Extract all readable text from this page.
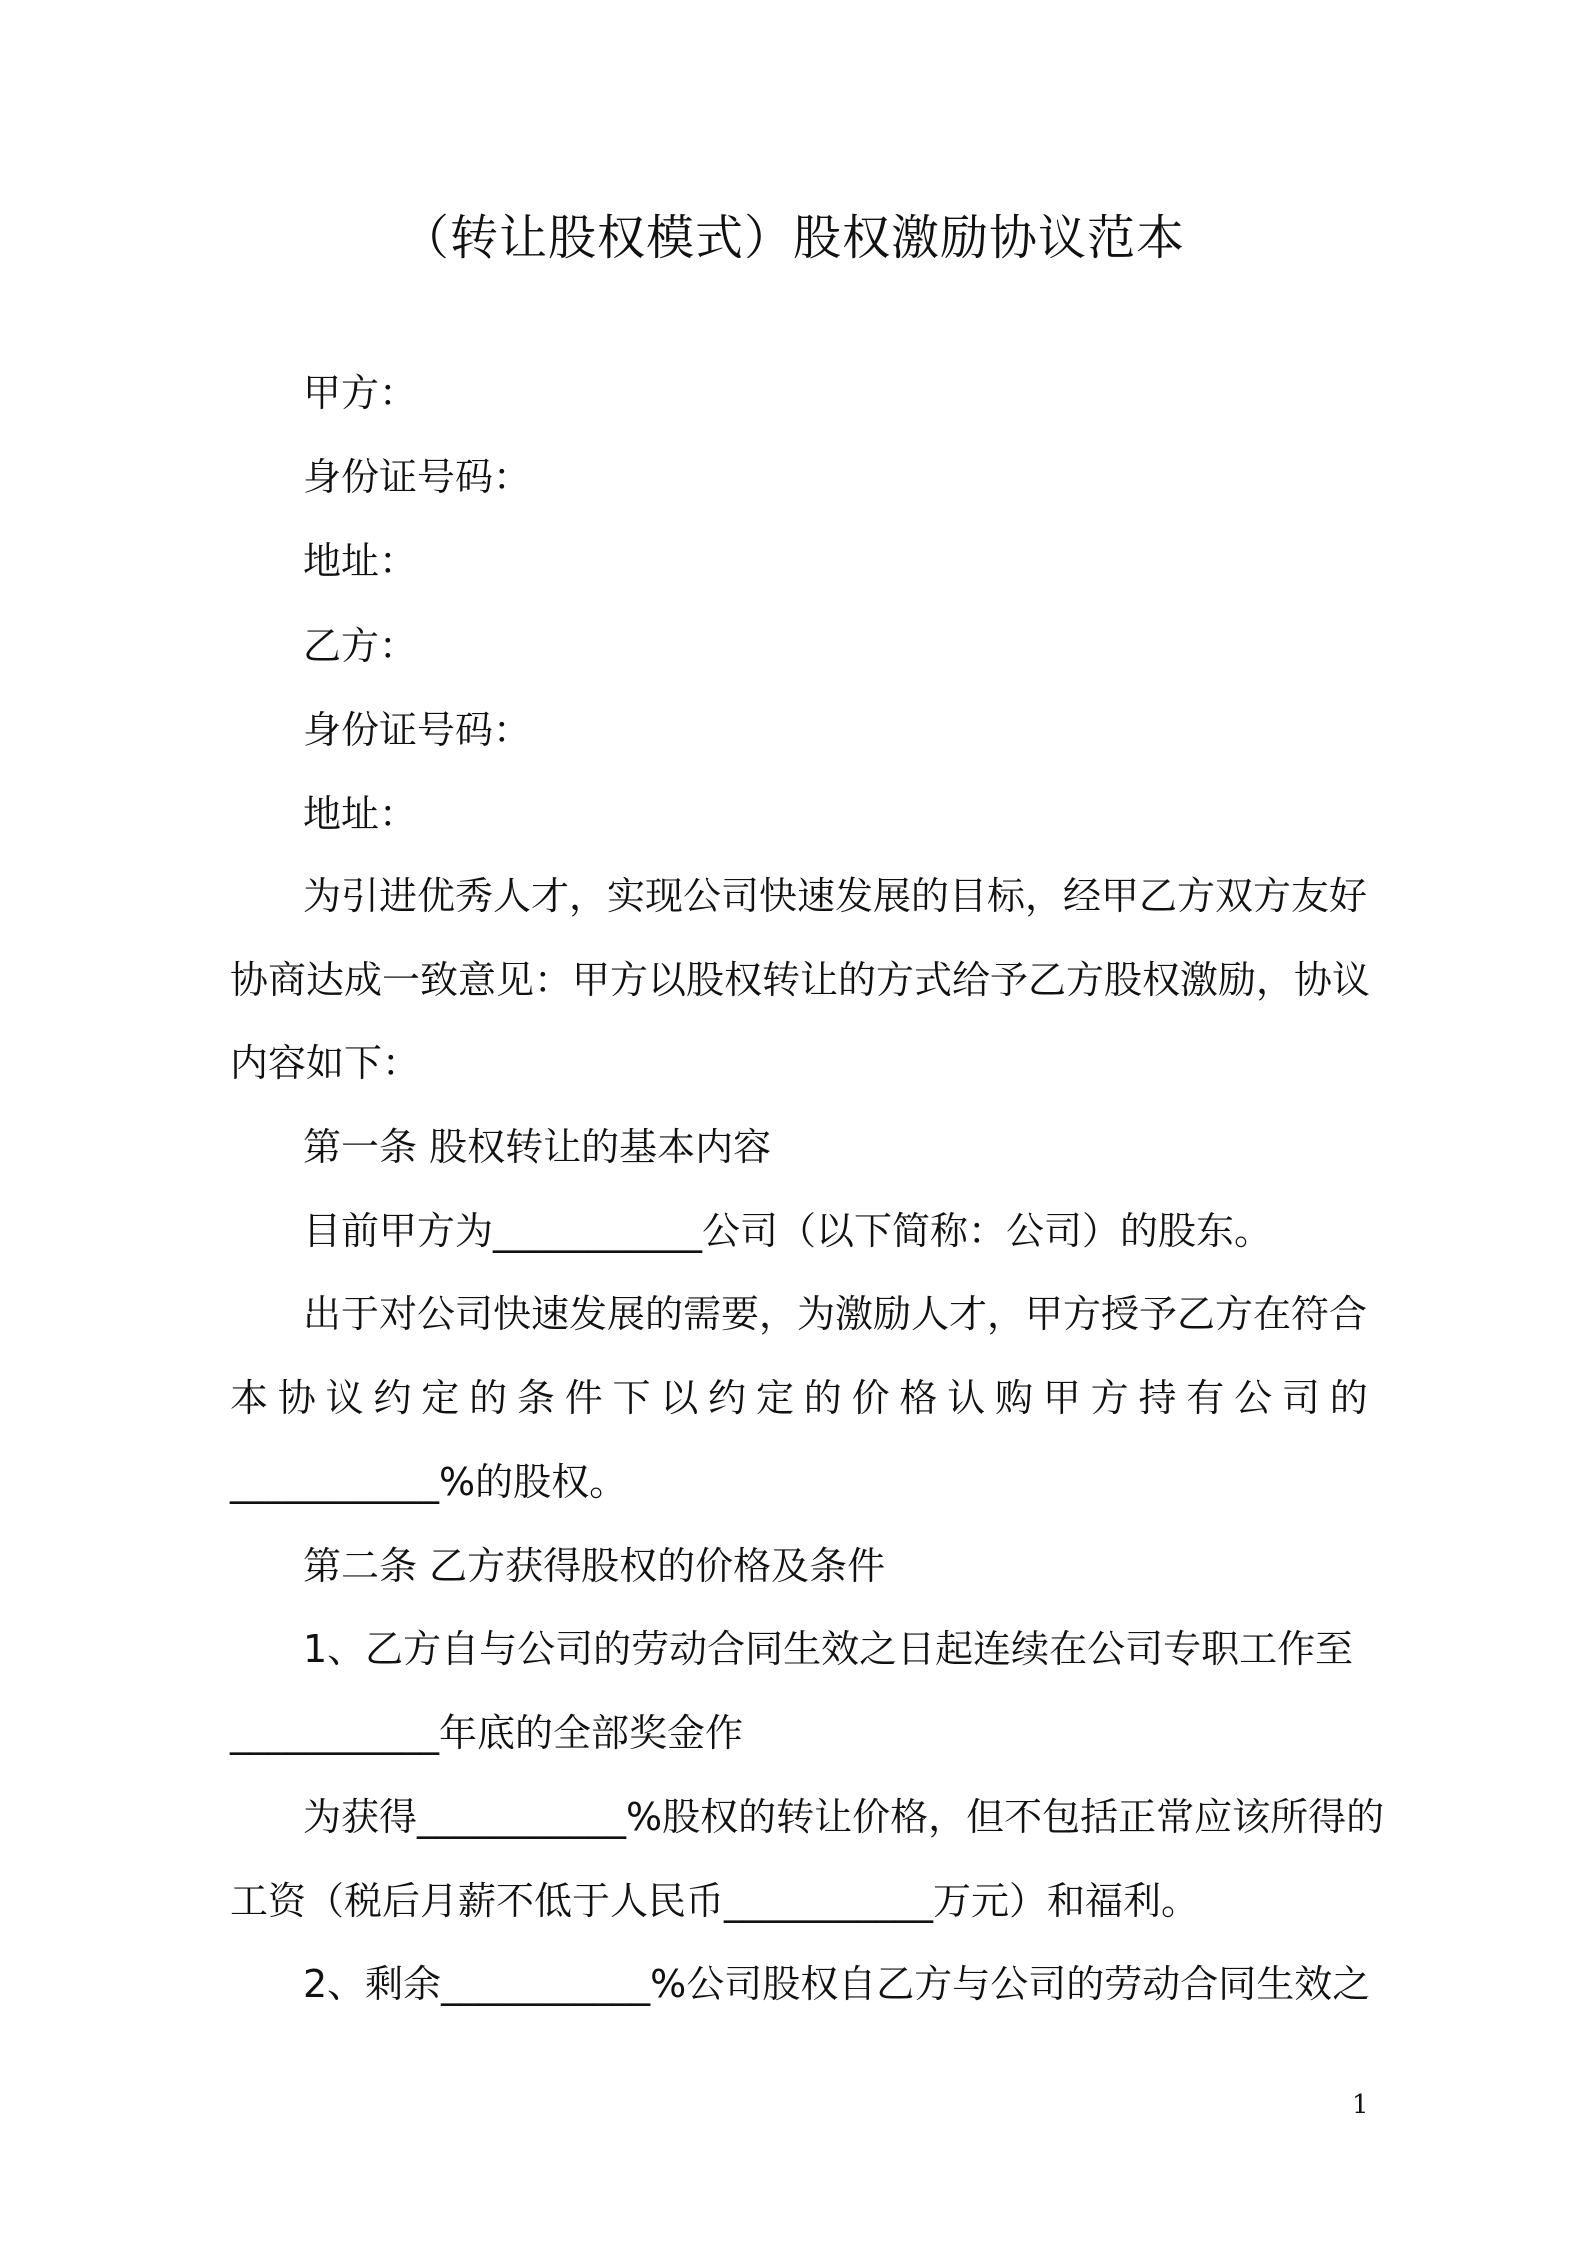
（转让股权模式）股权激励协议范本
甲方：
身份证号码：
地址：
乙方：
身份证号码：
地址：
为引进优秀人才，实现公司快速发展的目标，经甲乙方双方友好
协商达成一致意见：甲方以股权转让的方式给予乙方股权激励，协议
内容如下：
第一条 股权转让的基本内容
目前甲方为___________公司（以下简称：公司）的股东。
出于对公司快速发展的需要，为激励人才，甲方授予乙方在符合
本 协 议 约 定 的 条 件 下 以 约 定 的 价 格 认 购 甲 方 持 有 公 司 的
___________%的股权。
第二条 乙方获得股权的价格及条件
1、乙方自与公司的劳动合同生效之日起连续在公司专职工作至
___________年底的全部奖金作
为获得___________%股权的转让价格，但不包括正常应该所得的
工资（税后月薪不低于人民币___________万元）和福利。
2、剩余___________%公司股权自乙方与公司的劳动合同生效之
1
